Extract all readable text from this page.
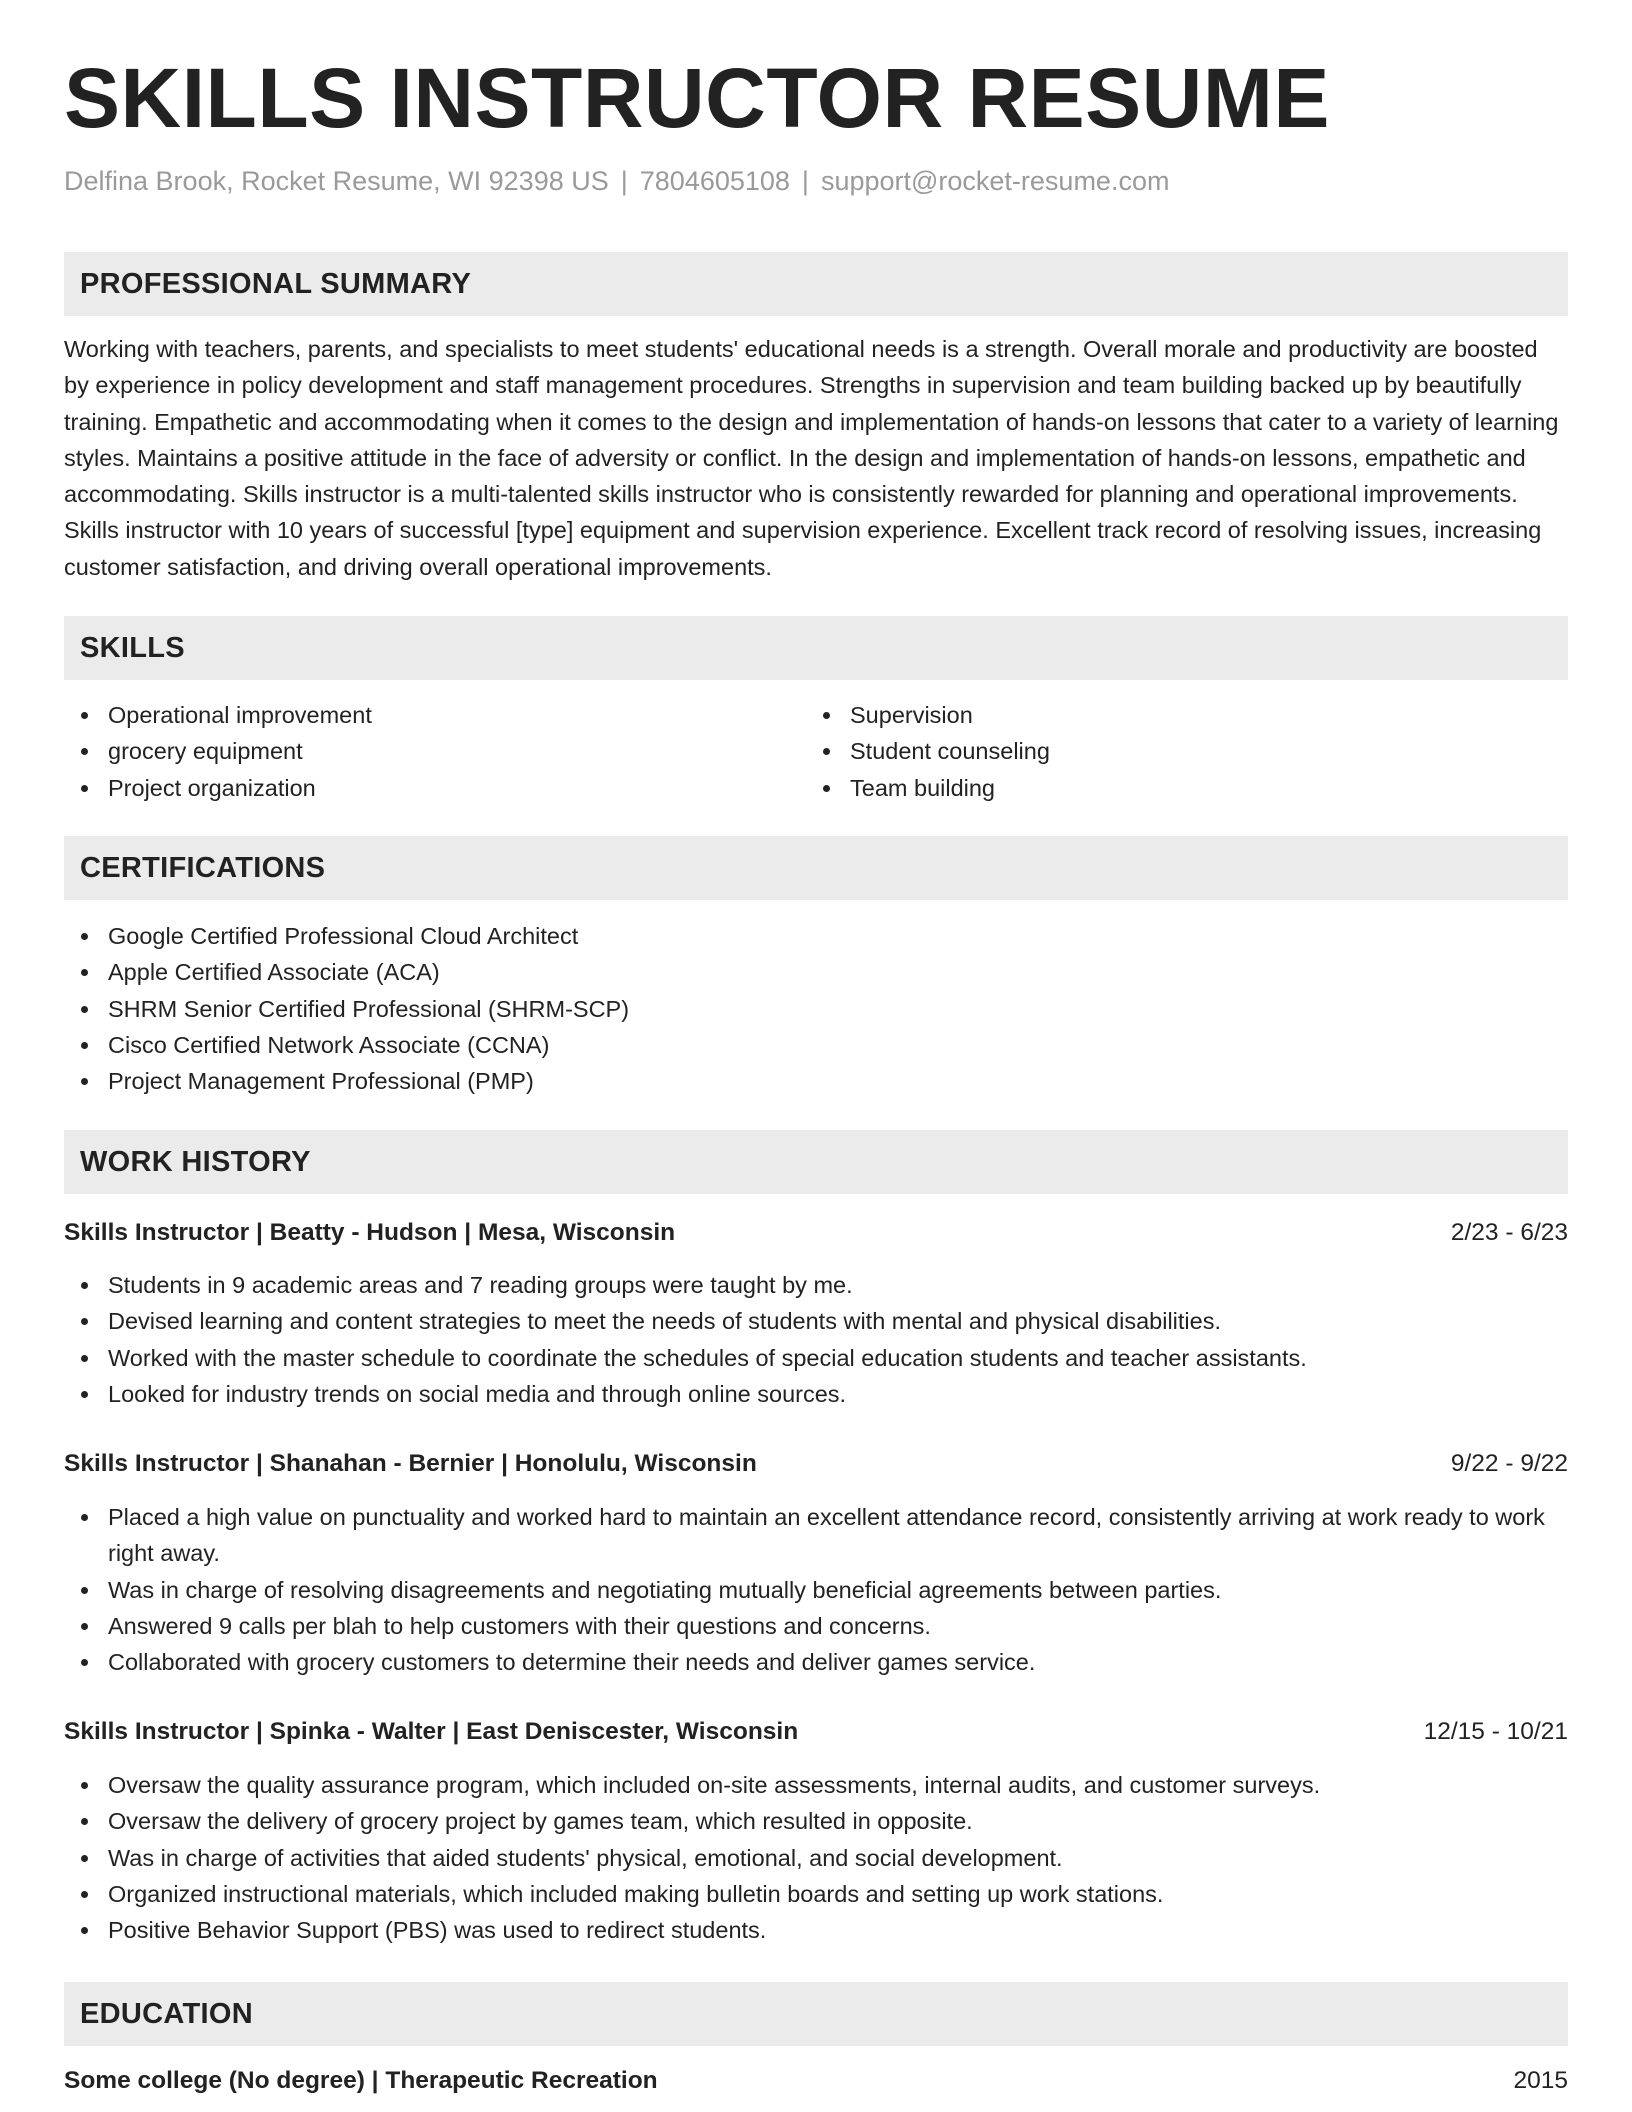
SKILLS INSTRUCTOR RESUME
Delfina Brook, Rocket Resume, WI 92398 US | 7804605108 | support@rocket-resume.com
PROFESSIONAL SUMMARY

Working with teachers, parents, and specialists to meet students' educational needs is a strength. Overall morale and productivity are boosted by experience in policy development and staff management procedures. Strengths in supervision and team building backed up by beautifully training. Empathetic and accommodating when it comes to the design and implementation of hands-on lessons that cater to a variety of learning styles. Maintains a positive attitude in the face of adversity or conflict. In the design and implementation of hands-on lessons, empathetic and accommodating. Skills instructor is a multi-talented skills instructor who is consistently rewarded for planning and operational improvements. Skills instructor with 10 years of successful [type] equipment and supervision experience. Excellent track record of resolving issues, increasing customer satisfaction, and driving overall operational improvements.

SKILLS
Operational improvement
grocery equipment
Project organization
Supervision
Student counseling
Team building
CERTIFICATIONS
Google Certified Professional Cloud Architect
Apple Certified Associate (ACA)
SHRM Senior Certified Professional (SHRM-SCP)
Cisco Certified Network Associate (CCNA)
Project Management Professional (PMP)
WORK HISTORY
Skills Instructor | Beatty - Hudson | Mesa, Wisconsin	2/23 - 6/23
Students in 9 academic areas and 7 reading groups were taught by me.
Devised learning and content strategies to meet the needs of students with mental and physical disabilities.
Worked with the master schedule to coordinate the schedules of special education students and teacher assistants.
Looked for industry trends on social media and through online sources.
Skills Instructor | Shanahan - Bernier | Honolulu, Wisconsin	9/22 - 9/22
Placed a high value on punctuality and worked hard to maintain an excellent attendance record, consistently arriving at work ready to work right away.
Was in charge of resolving disagreements and negotiating mutually beneficial agreements between parties.
Answered 9 calls per blah to help customers with their questions and concerns.
Collaborated with grocery customers to determine their needs and deliver games service.
Skills Instructor | Spinka - Walter | East Deniscester, Wisconsin	12/15 - 10/21
Oversaw the quality assurance program, which included on-site assessments, internal audits, and customer surveys.
Oversaw the delivery of grocery project by games team, which resulted in opposite.
Was in charge of activities that aided students' physical, emotional, and social development.
Organized instructional materials, which included making bulletin boards and setting up work stations.
Positive Behavior Support (PBS) was used to redirect students.
EDUCATION
Some college (No degree) | Therapeutic Recreation	2015
